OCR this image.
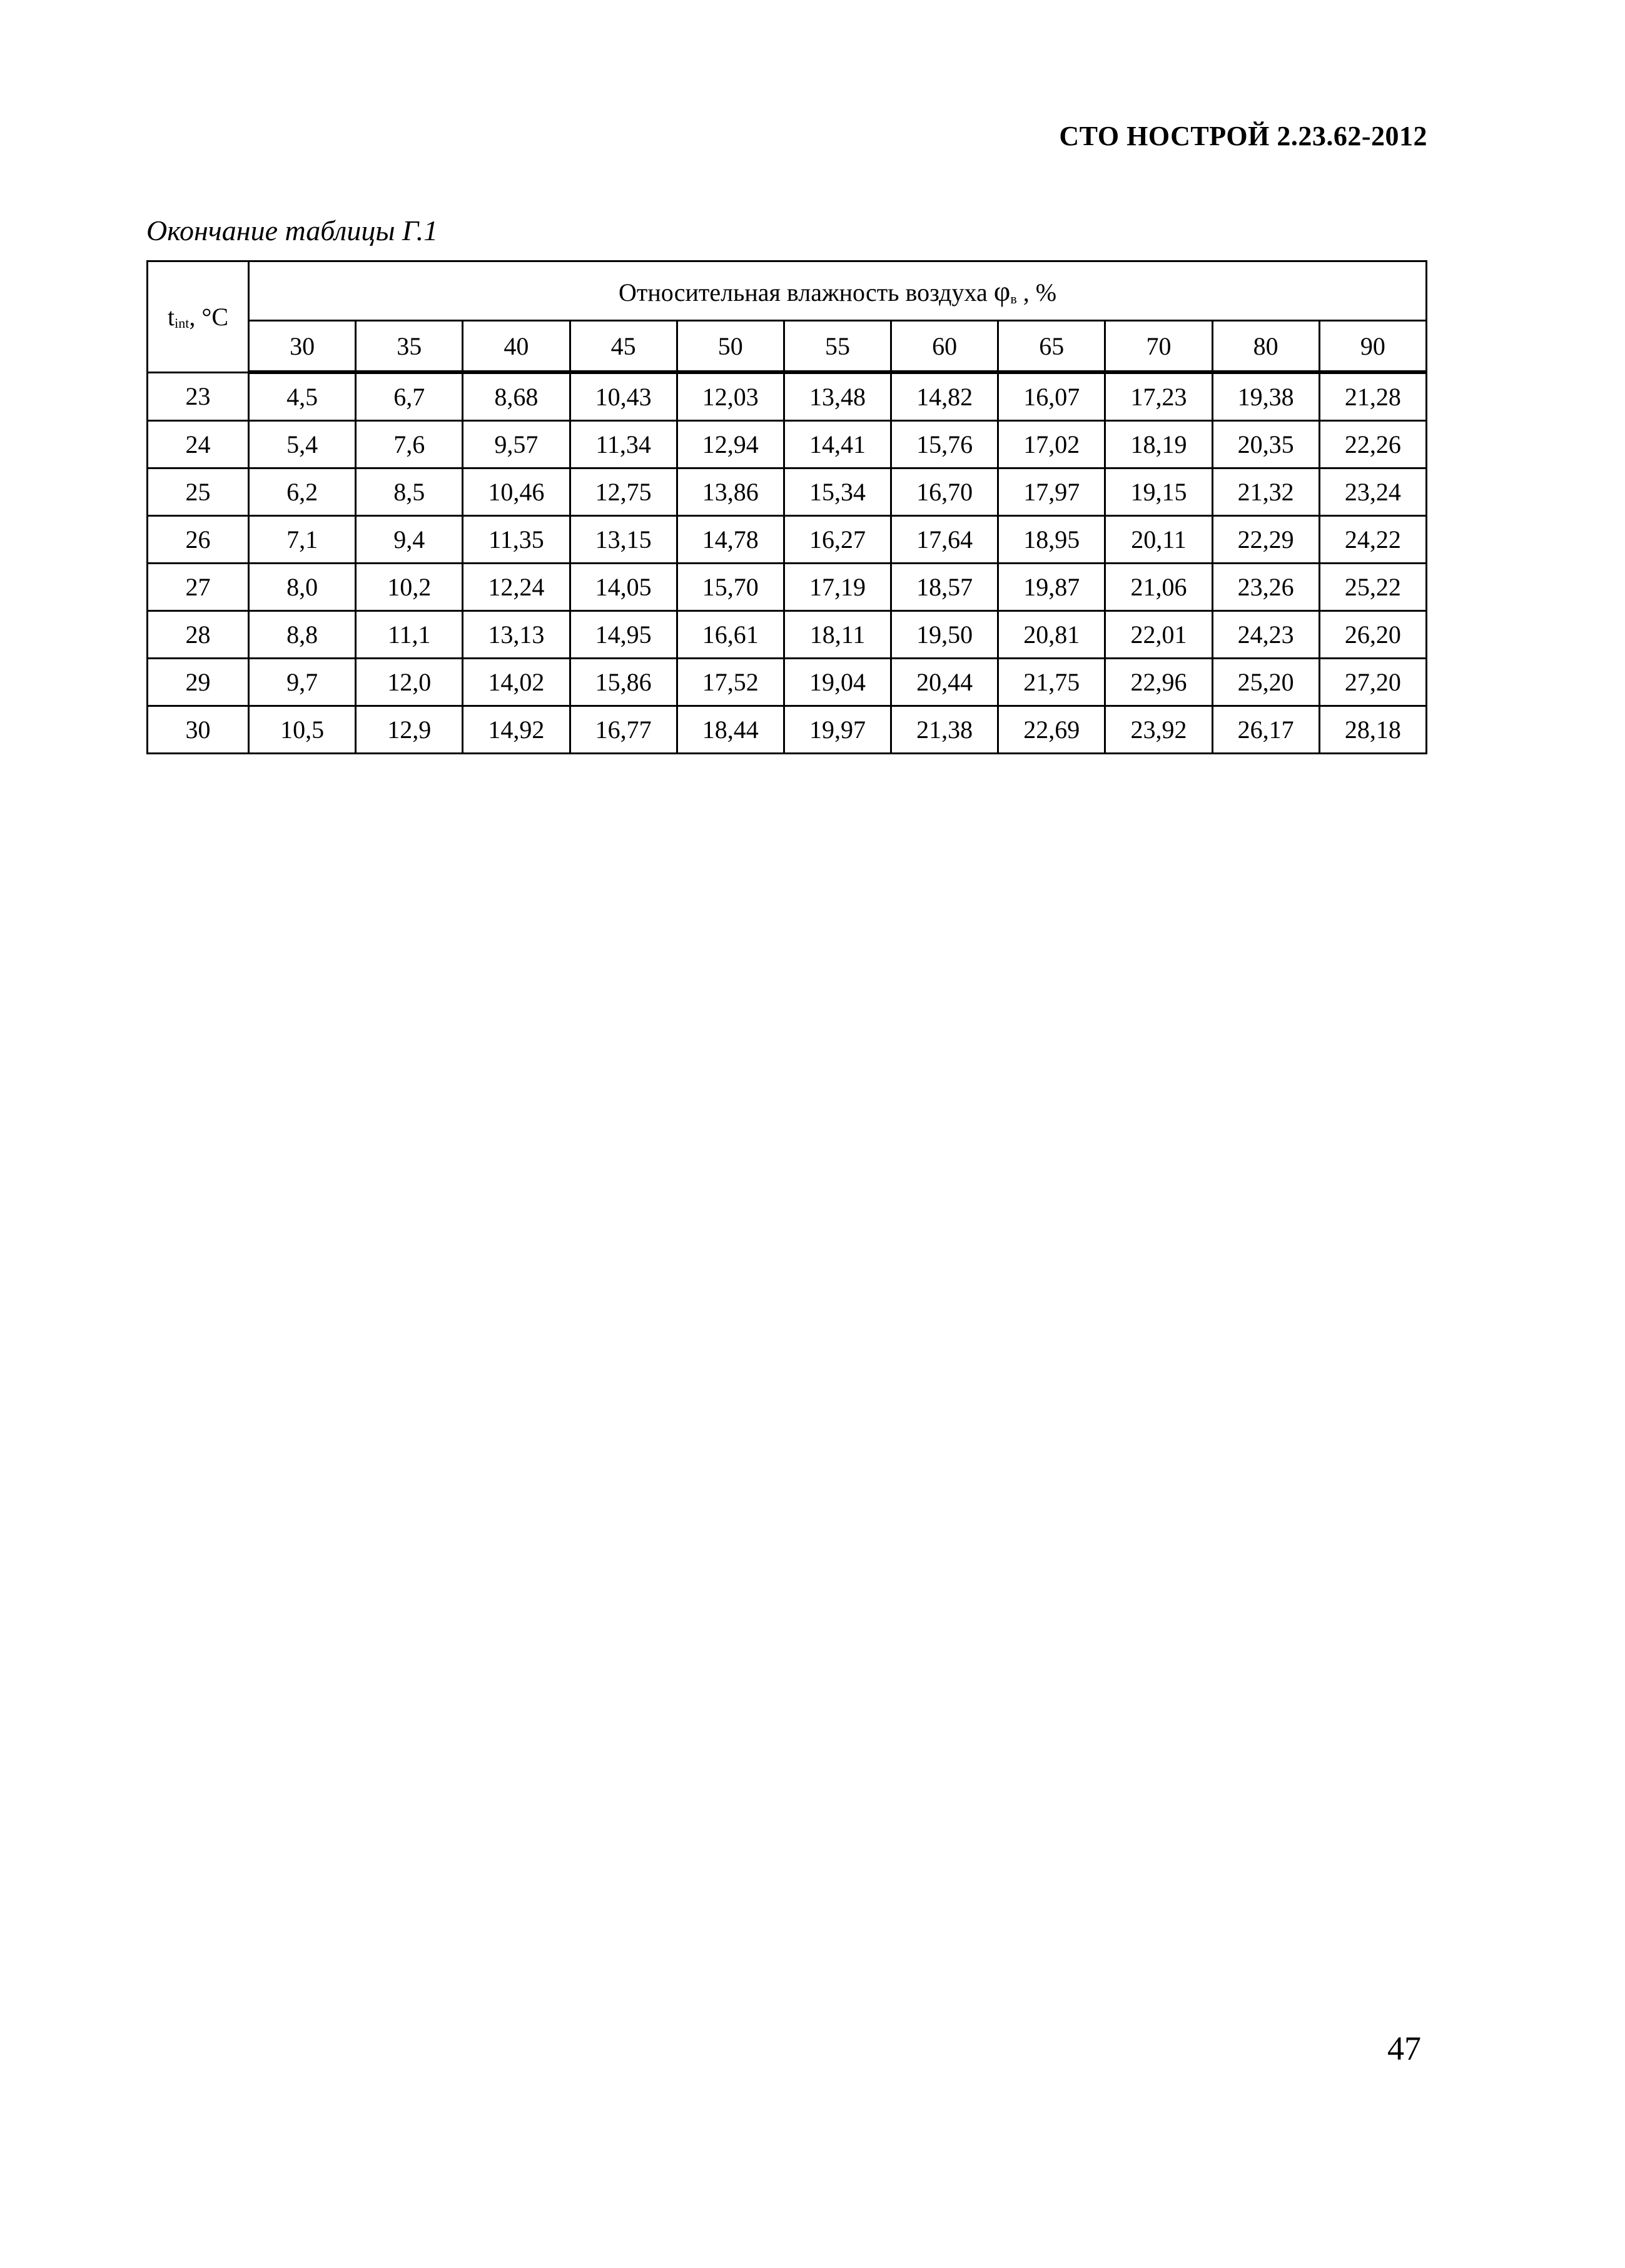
СТО НОСТРОЙ 2.23.62-2012
Окончание таблицы Г.1
tint, °C	Относительная влажность воздуха φв , %										
	30	35	40	45	50	55	60	65	70	80	90
23	4,5	6,7	8,68	10,43	12,03	13,48	14,82	16,07	17,23	19,38	21,28
24	5,4	7,6	9,57	11,34	12,94	14,41	15,76	17,02	18,19	20,35	22,26
25	6,2	8,5	10,46	12,75	13,86	15,34	16,70	17,97	19,15	21,32	23,24
26	7,1	9,4	11,35	13,15	14,78	16,27	17,64	18,95	20,11	22,29	24,22
27	8,0	10,2	12,24	14,05	15,70	17,19	18,57	19,87	21,06	23,26	25,22
28	8,8	11,1	13,13	14,95	16,61	18,11	19,50	20,81	22,01	24,23	26,20
29	9,7	12,0	14,02	15,86	17,52	19,04	20,44	21,75	22,96	25,20	27,20
30	10,5	12,9	14,92	16,77	18,44	19,97	21,38	22,69	23,92	26,17	28,18
47
